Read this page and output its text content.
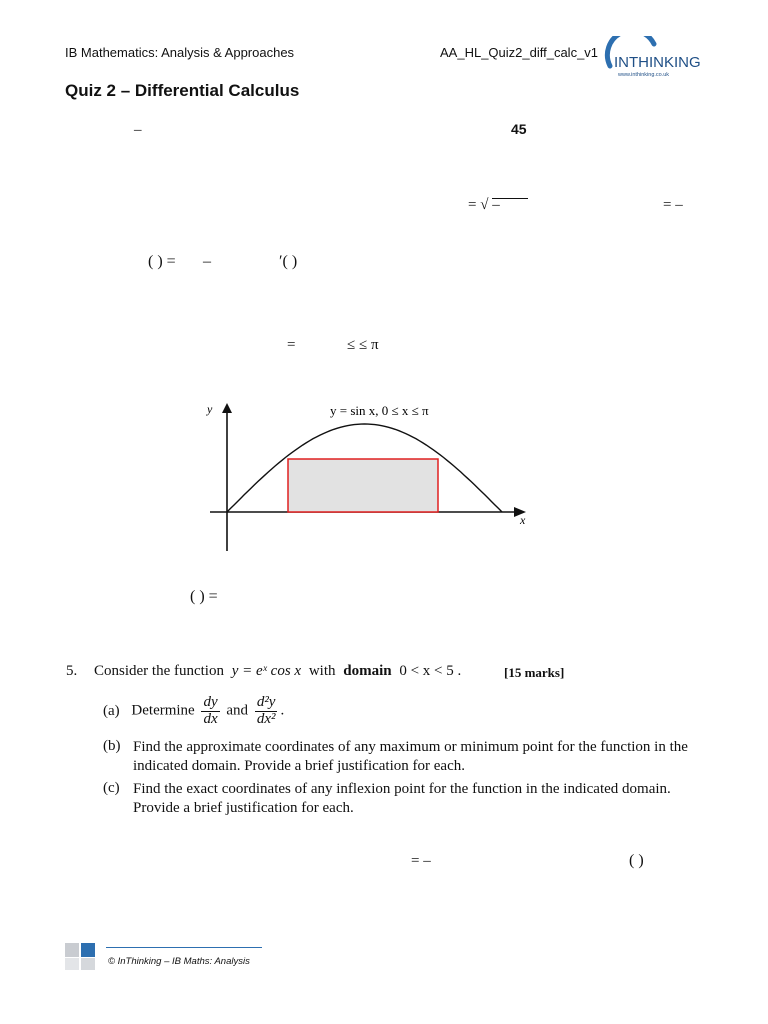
IB Mathematics: Analysis & Approaches	AA_HL_Quiz2_diff_calc_v1
INTHINKING
www.inthinking.co.uk
Quiz 2 – Differential Calculus
–	45
= √ –	= –
( ) = –	′( )
=	≤ ≤ π
y
x
y = sin x, 0 ≤ x ≤ π
( ) =
5. Consider the function y = eˣ cos x with domain 0 < x < 5 .	[15 marks]
(a) Determine $\frac{dy}{dx}$ and $\frac{\text{d²y}}{\text{dx²}}$ .
(b) Find the approximate coordinates of any maximum or minimum point for the function in the indicated domain. Provide a brief justification for each.
(c) Find the exact coordinates of any inflexion point for the function in the indicated domain. Provide a brief justification for each.
= –	( )
© InThinking – IB Maths: Analysis
